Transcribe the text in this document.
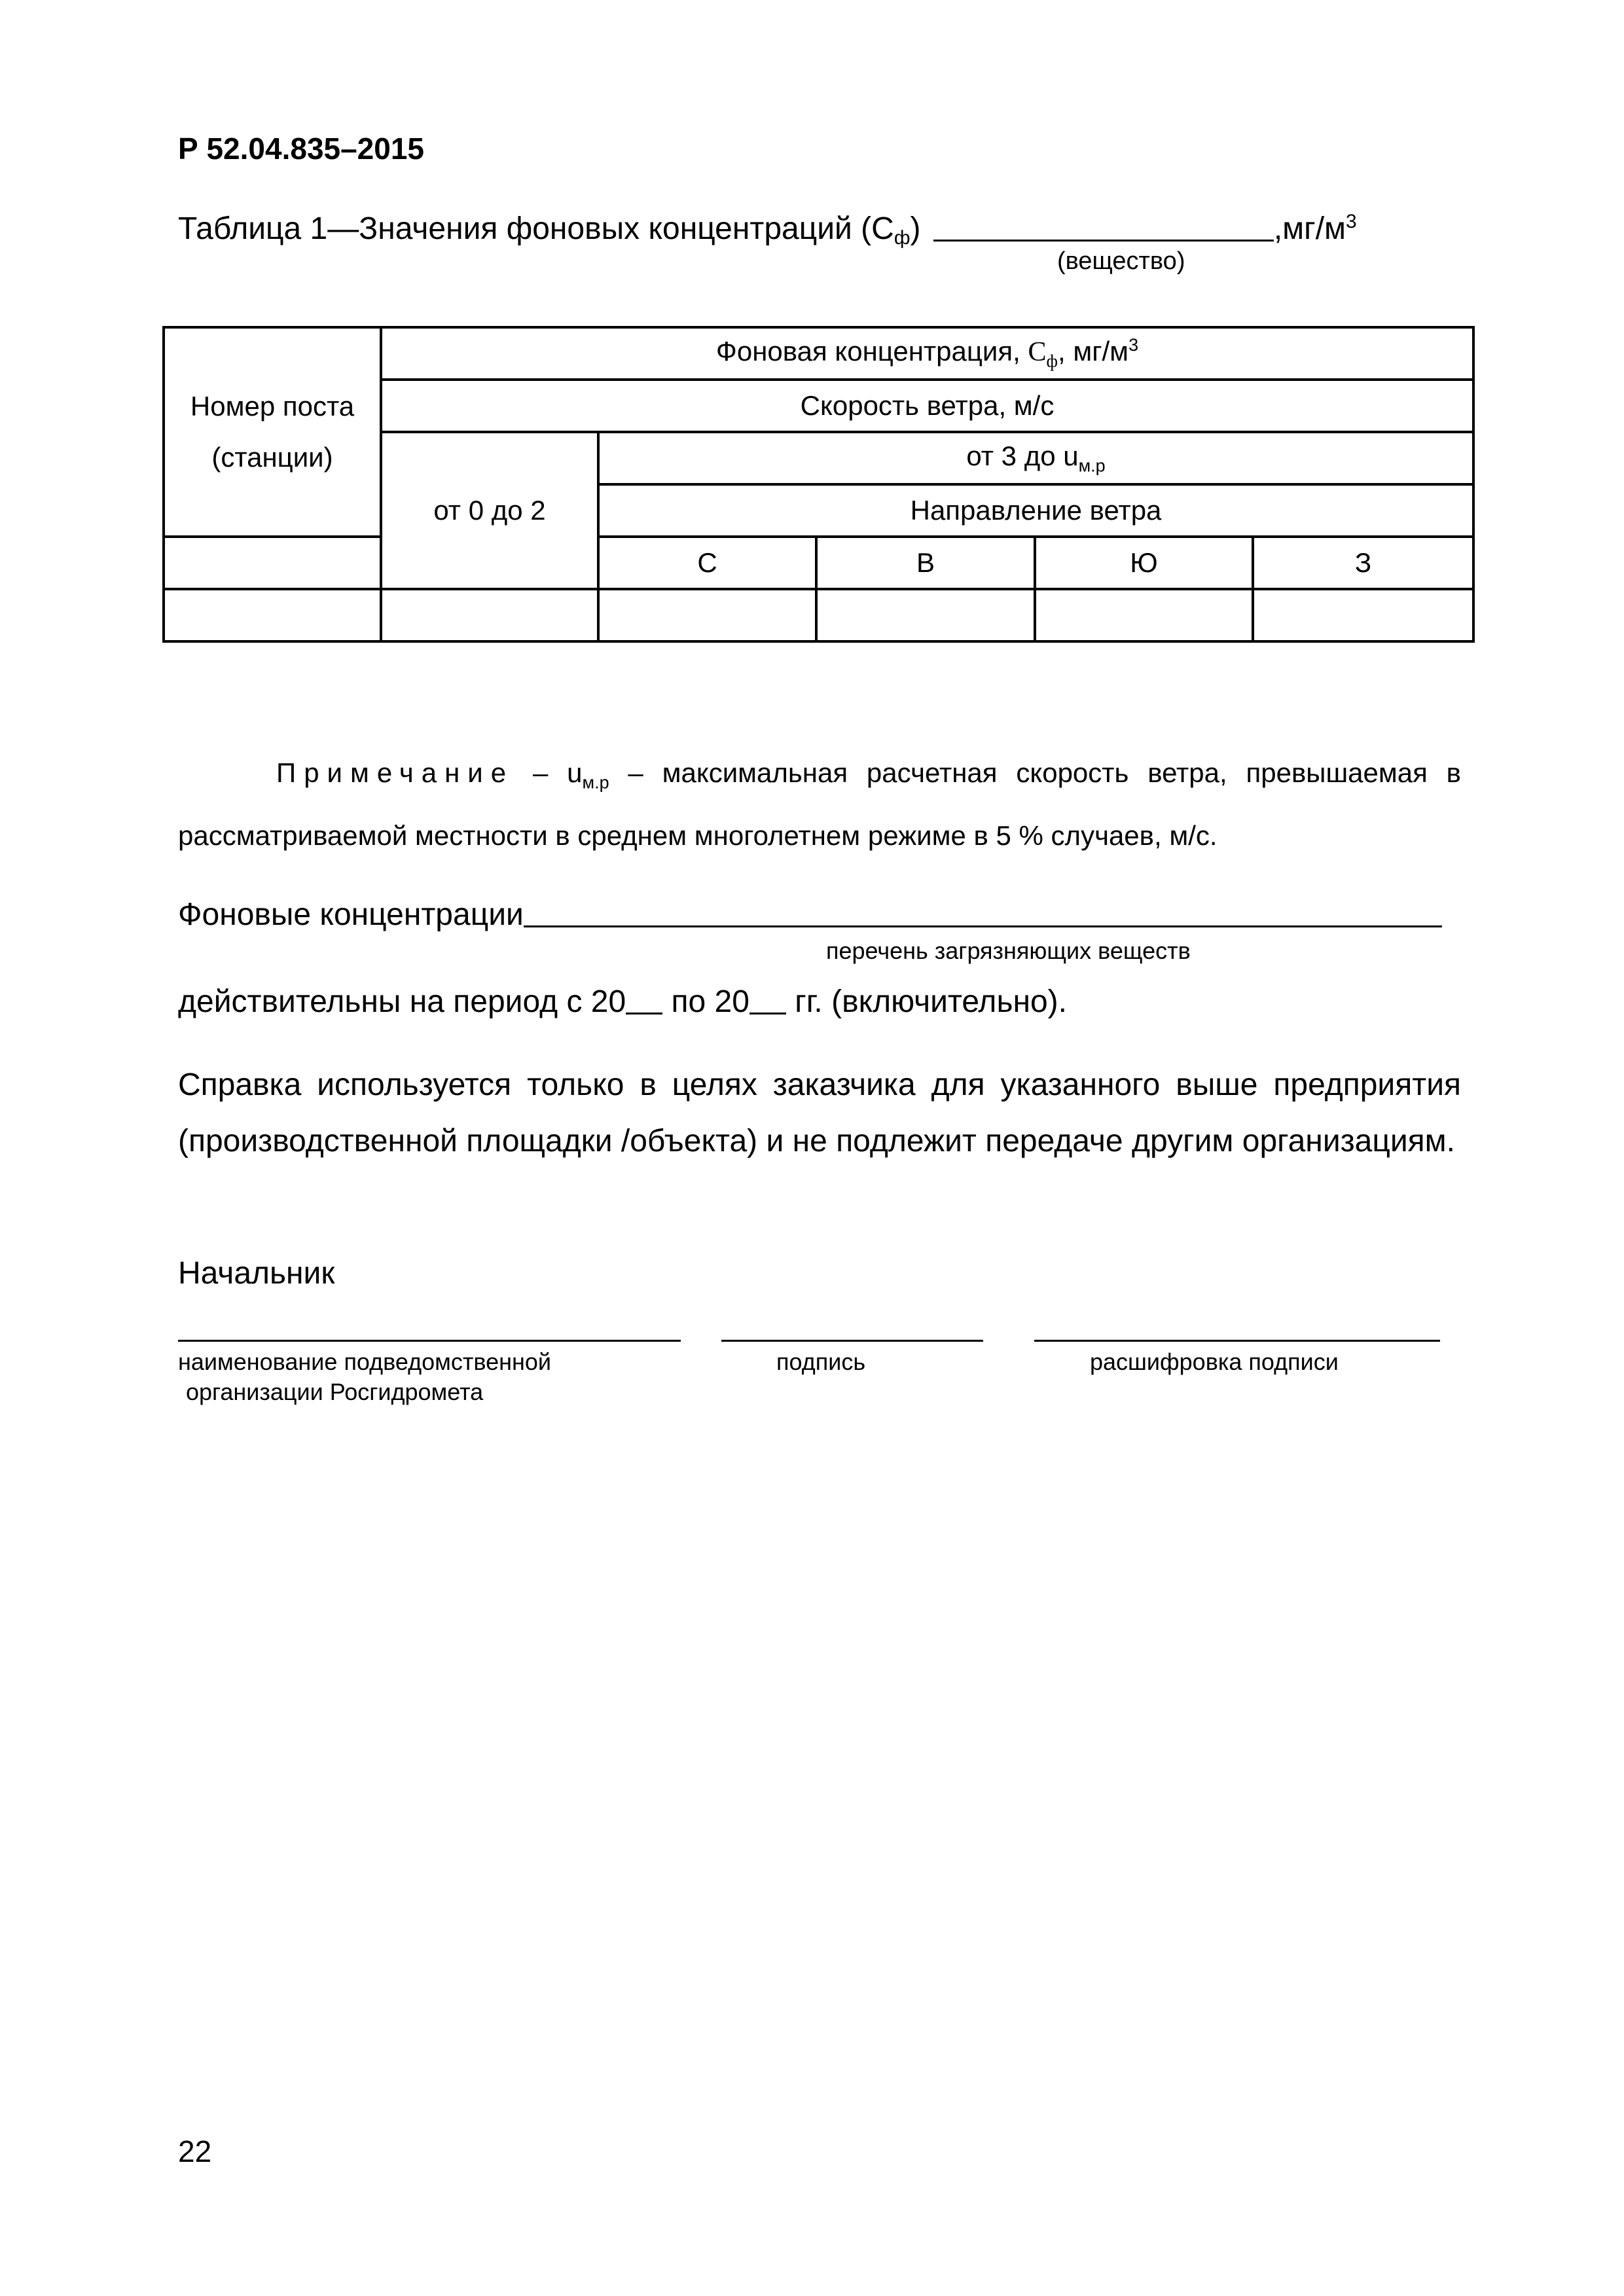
Р 52.04.835–2015
Таблица 1—Значения фоновых концентраций $(С_ф)$	$,мг/м^3$
(вещество)
Номер поста
(станции)	Фоновая концентрация, $С_ф$, $мг/м^3$
	Скорость ветра, м/с				
	от 0 до 2	от 3 до $u_{м.р}$
		Направление ветра			
		С	В	Ю	З

Примечание – $u_{м.р}$ – максимальная расчетная скорость ветра, превышаемая в рассматриваемой местности в среднем многолетнем режиме в 5 % случаев, м/с.
Фоновые концентрации
перечень загрязняющих веществ
действительны на период с 20 по 20 гг. (включительно).
Справка используется только в целях заказчика для указанного выше предприятия (производственной площадки /объекта) и не подлежит передаче другим организациям.
Начальник
наименование подведомственной
организации Росгидромета
подпись	расшифровка подписи
22
